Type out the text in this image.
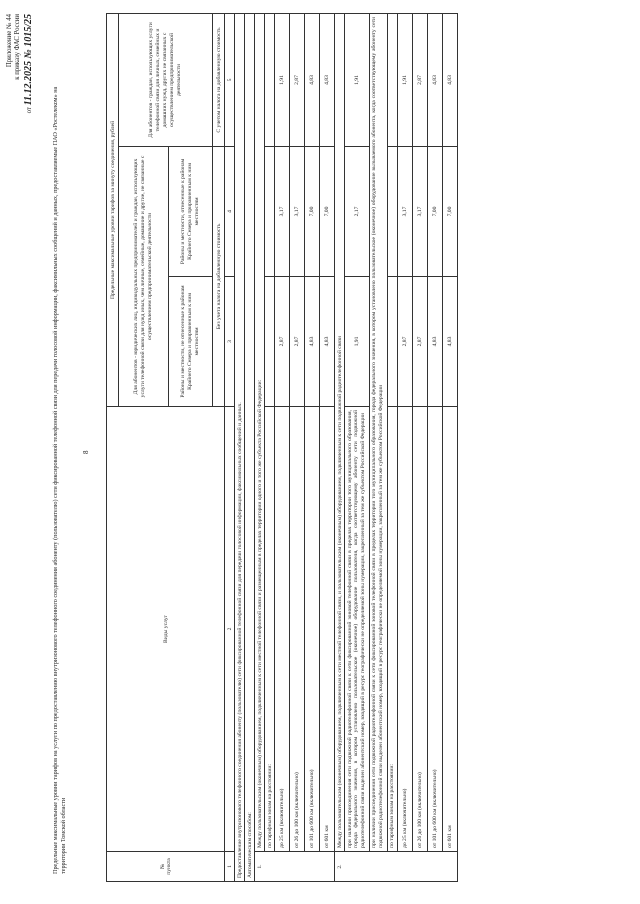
Приложение № 44 к приказу ФАС России
от 11.12.2025 № 1015/25
8
Предельные максимальные уровни тарифов на услуги по предоставлению внутризонового телефонного соединения абоненту (пользователю) сети фиксированной телефонной связи для передачи голосовой информации, факсимильных сообщений и данных, предоставляемые ПАО «Ростелеком» на территории Томской области	№ пункта	Виды услуг	Предельные максимальные уровни тарифов за минуту соединения, рублей		
		Для абонентов - юридических лиц, индивидуальных предпринимателей и граждан, использующих услуги телефонной связи для нужд иных, чем личные, семейные, домашние и другие, не связанные с осуществлением предпринимательской деятельности		Для абонентов - граждан, использующих услуги телефонной связи для личных, семейных и домашних нужд, других не связанных с осуществлением предпринимательской деятельности
		Районы и местности, не отнесенные к районам Крайнего Севера и приравненным к ним местностям	Районы и местности, отнесенные к районам Крайнего Севера и приравненным к ним местностям	
		Без учета налога на добавленную стоимость		С учетом налога на добавленную стоимость
1	2	3	4	5
Предоставление внутризонового телефонного соединения абоненту (пользователю) сети фиксированной телефонной связи для передачи голосовой информации, факсимильных сообщений и данных.				
Автоматическим способом:				
1.	Между пользовательским (оконечным) оборудованием, подключенным к сети местной телефонной связи и размещенным в пределах территории одного и того же субъекта Российской Федерации:			
	по тарифным зонам на расстоянии:			
	до 25 км (включительно)	2,87	3,17	1,91
	от 26 до 100 км (включительно)	2,87	3,17	2,87
	от 101 до 600 км (включительно)	4,83	7,00	4,83
	от 601 км	4,83	7,00	4,83
2.	Между пользовательским (оконечным) оборудованием, подключенным к сети местной телефонной связи, и пользовательским (оконечным) оборудованием, подключенным к сети подвижной радиотелефонной связи			
	при наличии присоединения сети подвижной радиотелефонной связи к сети фиксированной зоновой телефонной связи в пределах территории того муниципального образования, города федерального значения, в котором установлено пользовательское (оконечное) оборудование пользователя, когда соответствующему абоненту сети подвижной радиотелефонной связи выделен абонентский номер, входящий в ресурс географически не определяемой зоны нумерации, закрепленный за тем же субъектом Российской Федерации	1,91	2,17	1,91
	при наличии присоединения сети подвижной радиотелефонной связи к сети фиксированной зоновой телефонной связи в пределах территории того муниципального образования, города федерального значения, в котором установлено пользовательское (оконечное) оборудование вызываемого абонента, когда соответствующему абоненту сети подвижной радиотелефонной связи выделен абонентский номер, входящий в ресурс географически не определяемой зоны нумерации, закрепленный за тем же субъектом Российской Федерации			
	по тарифным зонам на расстоянии:			
	до 25 км (включительно)	2,87	3,17	1,91
	от 26 до 100 км (включительно)	2,87	3,17	2,87
	от 101 до 600 км (включительно)	4,83	7,00	4,83
	от 601 км	4,83	7,00	4,83
